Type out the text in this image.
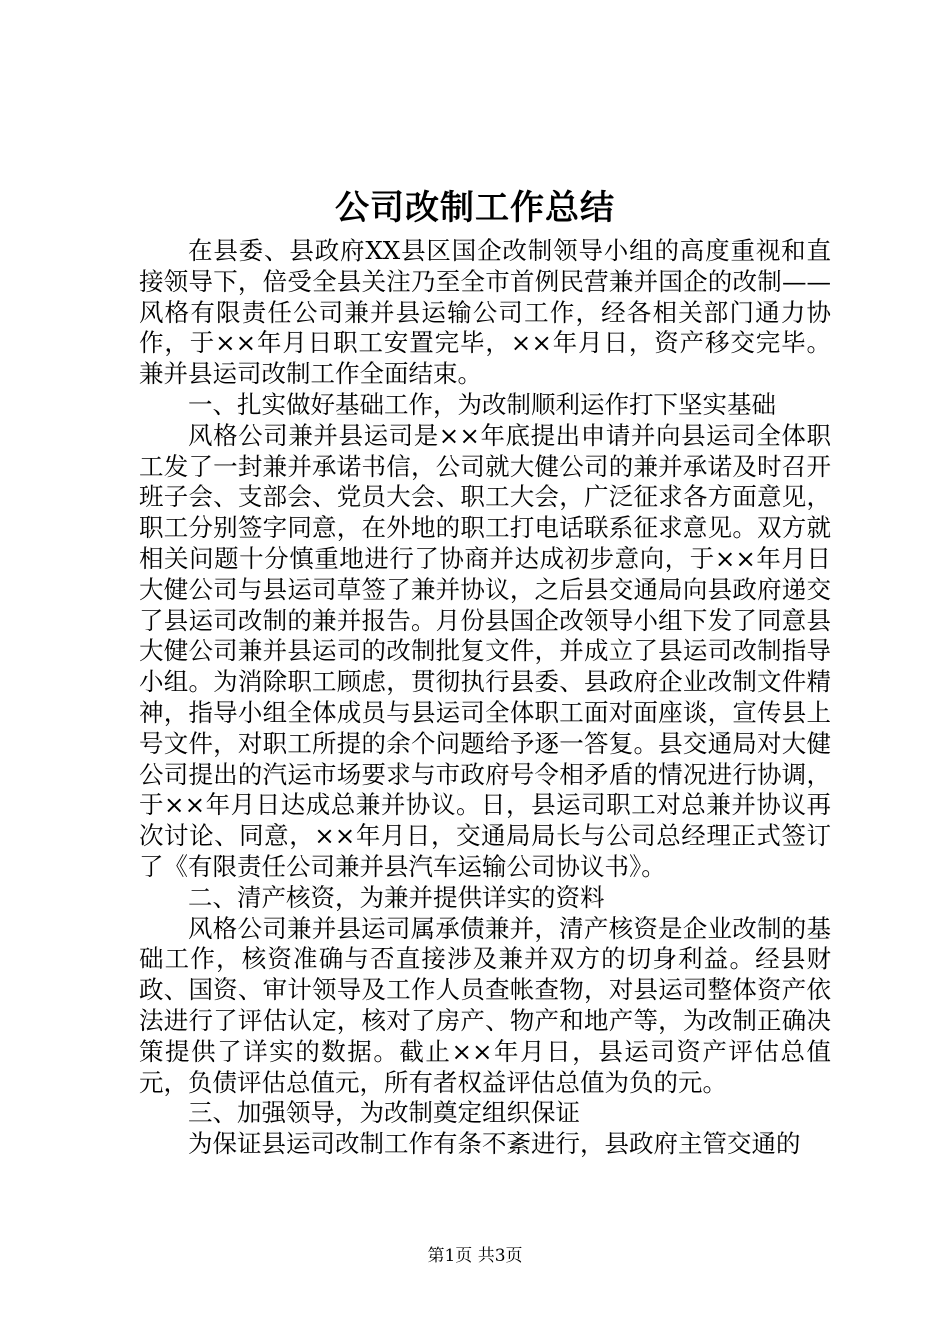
公司改制工作总结

在县委、县政府XX县区国企改制领导小组的高度重视和直接领导下，倍受全县关注乃至全市首例民营兼并国企的改制——风格有限责任公司兼并县运输公司工作，经各相关部门通力协作，于××年月日职工安置完毕，××年月日，资产移交完毕。兼并县运司改制工作全面结束。

一、扎实做好基础工作，为改制顺利运作打下坚实基础

风格公司兼并县运司是××年底提出申请并向县运司全体职工发了一封兼并承诺书信，公司就大健公司的兼并承诺及时召开班子会、支部会、党员大会、职工大会，广泛征求各方面意见，职工分别签字同意，在外地的职工打电话联系征求意见。双方就相关问题十分慎重地进行了协商并达成初步意向，于××年月日大健公司与县运司草签了兼并协议，之后县交通局向县政府递交了县运司改制的兼并报告。月份县国企改领导小组下发了同意县大健公司兼并县运司的改制批复文件，并成立了县运司改制指导小组。为消除职工顾虑，贯彻执行县委、县政府企业改制文件精神，指导小组全体成员与县运司全体职工面对面座谈，宣传县上号文件，对职工所提的余个问题给予逐一答复。县交通局对大健公司提出的汽运市场要求与市政府号令相矛盾的情况进行协调，于××年月日达成总兼并协议。日，县运司职工对总兼并协议再次讨论、同意，××年月日，交通局局长与公司总经理正式签订了《有限责任公司兼并县汽车运输公司协议书》。

二、清产核资，为兼并提供详实的资料

风格公司兼并县运司属承债兼并，清产核资是企业改制的基础工作，核资准确与否直接涉及兼并双方的切身利益。经县财政、国资、审计领导及工作人员查帐查物，对县运司整体资产依法进行了评估认定，核对了房产、物产和地产等，为改制正确决策提供了详实的数据。截止××年月日，县运司资产评估总值元，负债评估总值元，所有者权益评估总值为负的元。

三、加强领导，为改制奠定组织保证

为保证县运司改制工作有条不紊进行，县政府主管交通的

第1页 共3页
